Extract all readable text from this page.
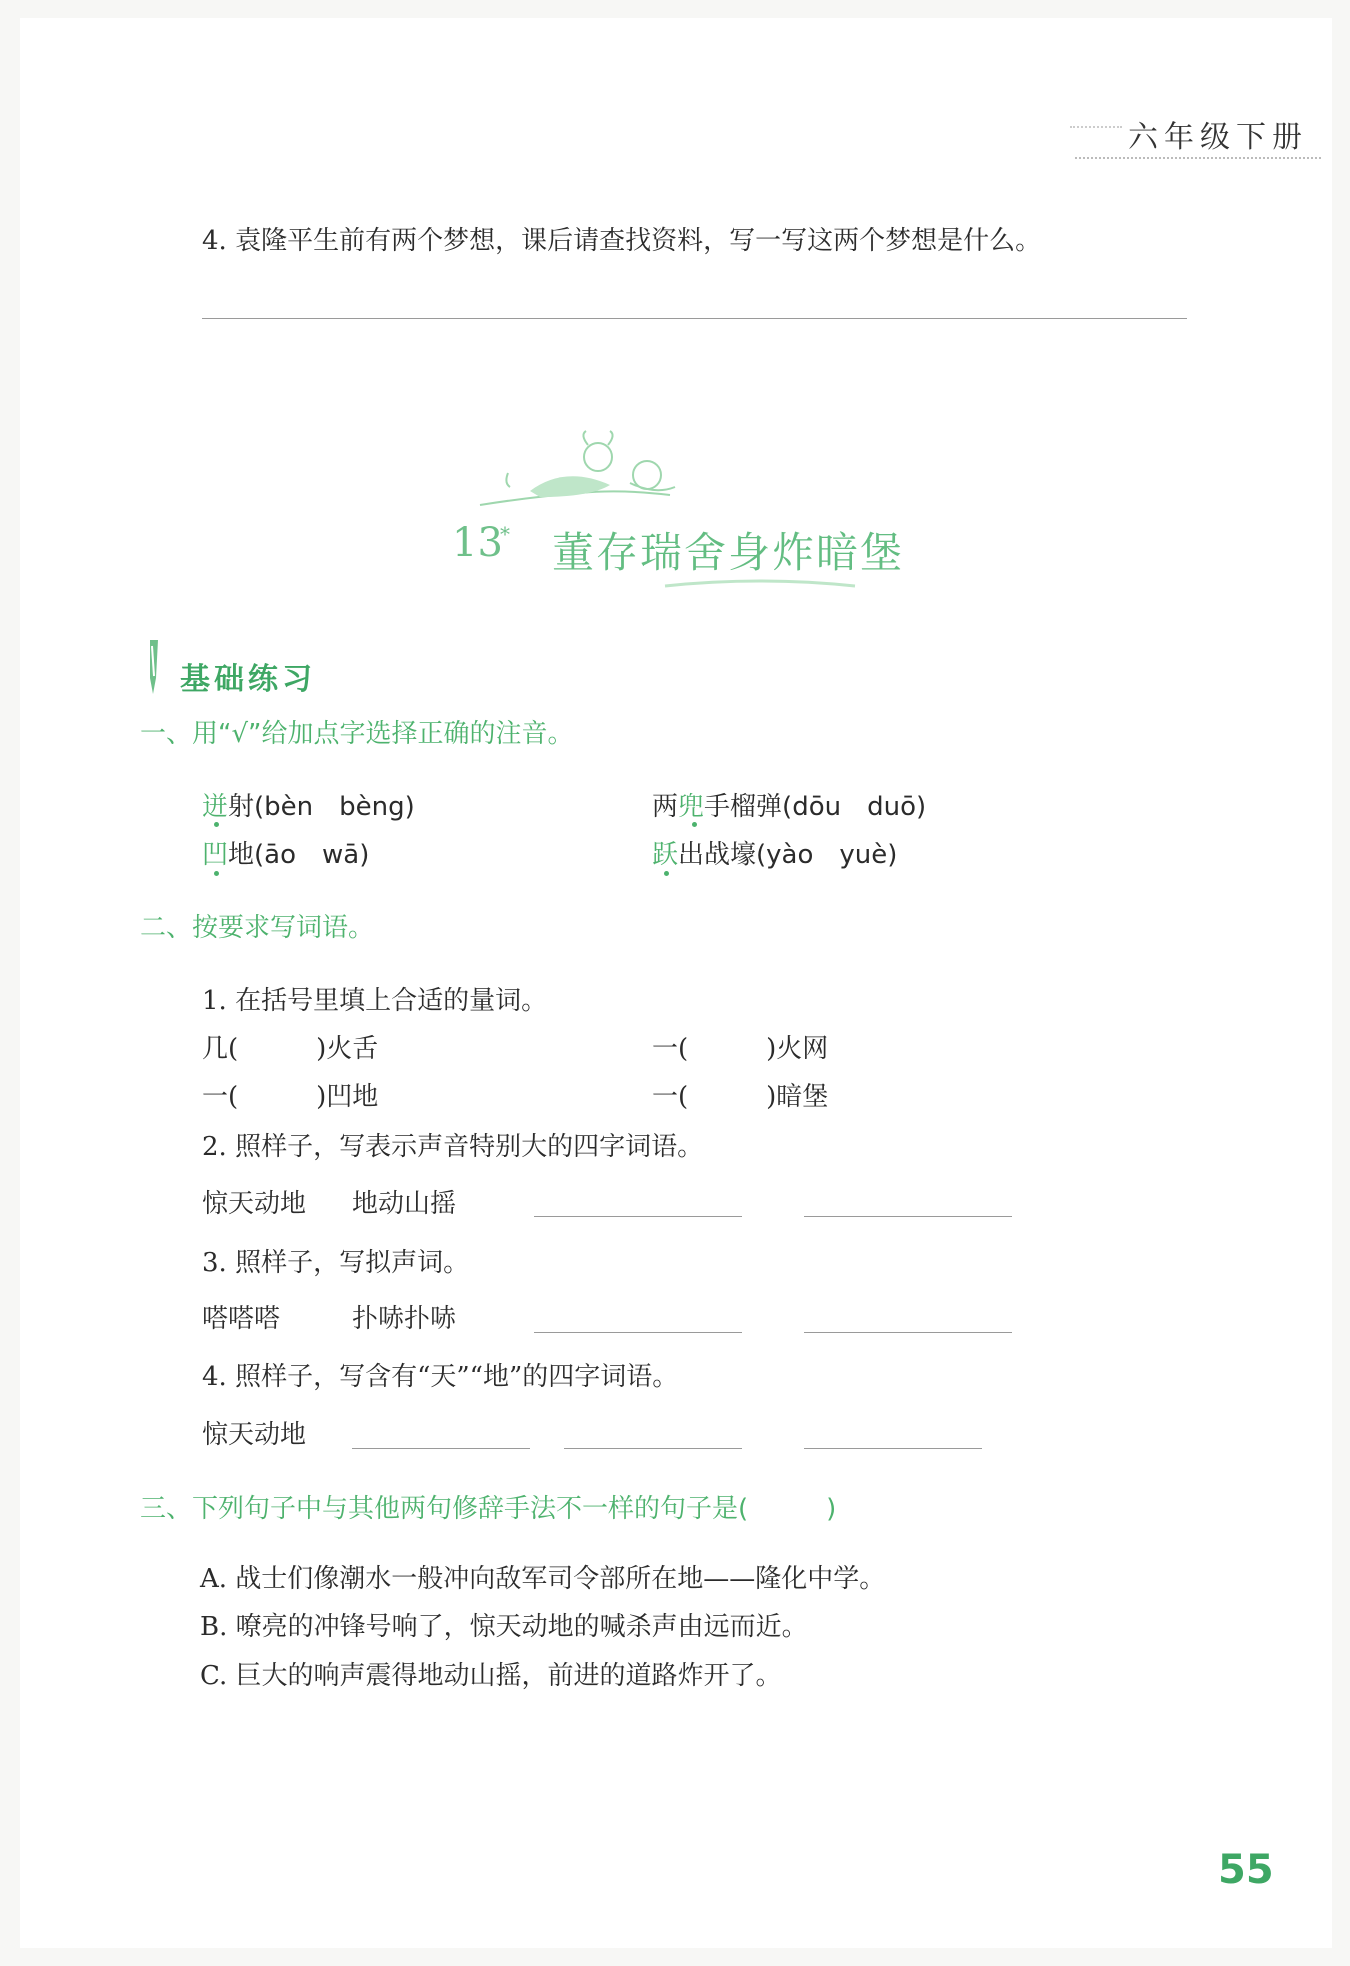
六年级下册
4. 袁隆平生前有两个梦想，课后请查找资料，写一写这两个梦想是什么。
13
* 董存瑞舍身炸暗堡
基础练习
一、用“√”给加点字选择正确的注音。
迸射(bèn　bèng)	两兜手榴弹(dōu　duō)
凹地(āo　wā)	跃出战壕(yào　yuè)
二、按要求写词语。
1. 在括号里填上合适的量词。
几(　　　)火舌	一(　　　)火网
一(　　　)凹地	一(　　　)暗堡
2. 照样子，写表示声音特别大的四字词语。
惊天动地 地动山摇
3. 照样子，写拟声词。
嗒嗒嗒	扑哧扑哧
4. 照样子，写含有“天”“地”的四字词语。
惊天动地
三、下列句子中与其他两句修辞手法不一样的句子是(　　　)
A. 战士们像潮水一般冲向敌军司令部所在地——隆化中学。
B. 嘹亮的冲锋号响了，惊天动地的喊杀声由远而近。
C. 巨大的响声震得地动山摇，前进的道路炸开了。
55
